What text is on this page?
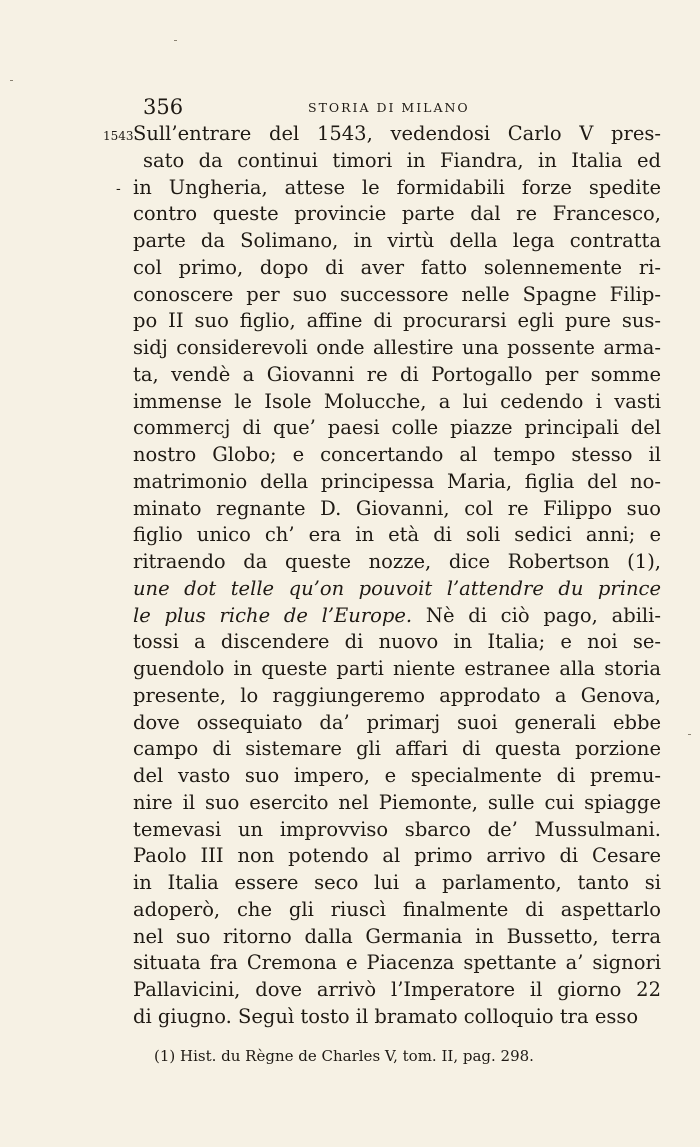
356	STORIA DI MILANO
1543
-
Sull’entrare del 1543, vedendosi Carlo V pres-
sato da continui timori in Fiandra, in Italia ed
in Ungheria, attese le formidabili forze spedite
contro queste provincie parte dal re Francesco,
parte da Solimano, in virtù della lega contratta
col primo, dopo di aver fatto solennemente ri-
conoscere per suo successore nelle Spagne Filip-
po II suo figlio, affine di procurarsi egli pure sus-
sidj considerevoli onde allestire una possente arma-
ta, vendè a Giovanni re di Portogallo per somme
immense le Isole Molucche, a lui cedendo i vasti
commercj di que’ paesi colle piazze principali del
nostro Globo; e concertando al tempo stesso il
matrimonio della principessa Maria, figlia del no-
minato regnante D. Giovanni, col re Filippo suo
figlio unico ch’ era in età di soli sedici anni; e
ritraendo da queste nozze, dice Robertson (1),
une dot telle qu’on pouvoit l’attendre du prince
le plus riche de l’Europe. Nè di ciò pago, abili-
tossi a discendere di nuovo in Italia; e noi se-
guendolo in queste parti niente estranee alla storia
presente, lo raggiungeremo approdato a Genova,
dove ossequiato da’ primarj suoi generali ebbe
campo di sistemare gli affari di questa porzione
del vasto suo impero, e specialmente di premu-
nire il suo esercito nel Piemonte, sulle cui spiagge
temevasi un improvviso sbarco de’ Mussulmani.
Paolo III non potendo al primo arrivo di Cesare
in Italia essere seco lui a parlamento, tanto si
adoperò, che gli riuscì finalmente di aspettarlo
nel suo ritorno dalla Germania in Bussetto, terra
situata fra Cremona e Piacenza spettante a’ signori
Pallavicini, dove arrivò l’Imperatore il giorno 22
di giugno. Seguì tosto il bramato colloquio tra esso
(1) Hist. du Règne de Charles V, tom. II, pag. 298.
